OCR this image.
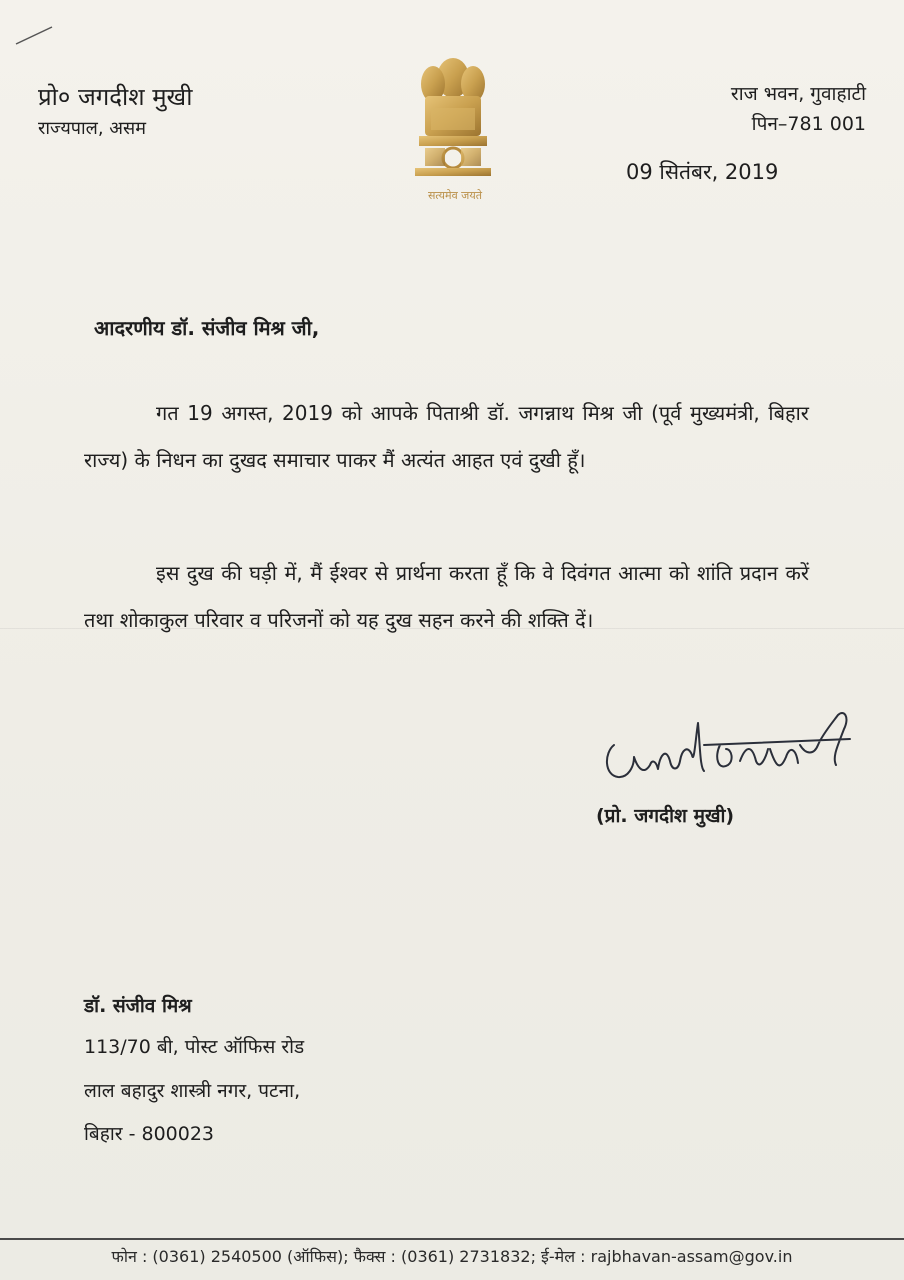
प्रो० जगदीश मुखी
राज्यपाल, असम
सत्यमेव जयते
राज भवन, गुवाहाटी
पिन–781 001
09 सितंबर, 2019
आदरणीय डॉ. संजीव मिश्र जी,
गत 19 अगस्त, 2019 को आपके पिताश्री डॉ. जगन्नाथ मिश्र जी (पूर्व मुख्यमंत्री, बिहार राज्य) के निधन का दुखद समाचार पाकर मैं अत्यंत आहत एवं दुखी हूँ।
इस दुख की घड़ी में, मैं ईश्वर से प्रार्थना करता हूँ कि वे दिवंगत आत्मा को शांति प्रदान करें तथा शोकाकुल परिवार व परिजनों को यह दुख सहन करने की शक्ति दें।
(प्रो. जगदीश मुखी)
डॉ. संजीव मिश्र
113/70 बी, पोस्ट ऑफिस रोड
लाल बहादुर शास्त्री नगर, पटना,
बिहार - 800023
फोन : (0361) 2540500 (ऑफिस); फैक्स : (0361) 2731832; ई-मेल : rajbhavan-assam@gov.in
